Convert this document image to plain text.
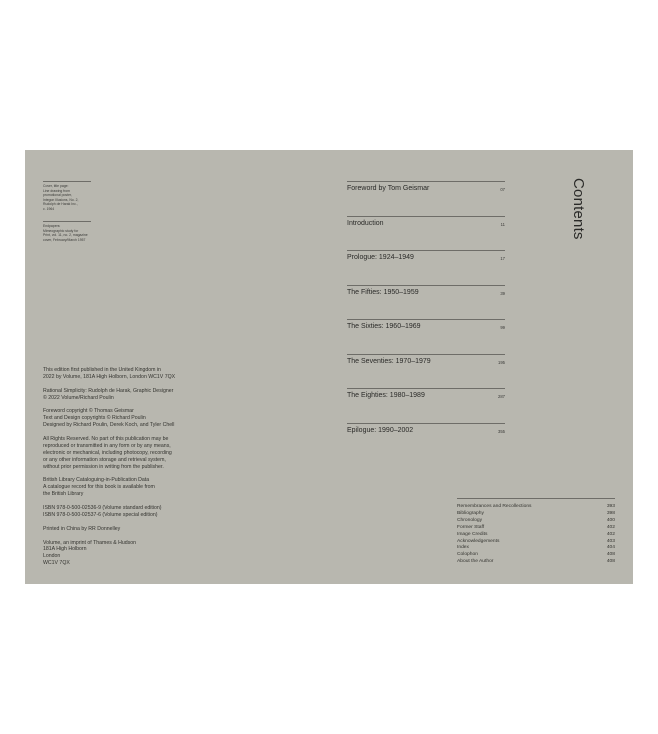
Cover, title page:
Line drawing from
promotional poster,
Integon Illusions, No. 2,
Rudolph de Harak Inc.,
c. 1964
Endpapers:
Mimeographic study for
Print, vol. 11, no. 2, magazine
cover, February/March 1957
This edition first published in the United Kingdom in
2022 by Volume, 181A High Holborn, London WC1V 7QX
Rational Simplicity: Rudolph de Harak, Graphic Designer
© 2022 Volume/Richard Poulin
Foreword copyright © Thomas Geismar
Text and Design copyrights © Richard Poulin
Designed by Richard Poulin, Derek Koch, and Tyler Chell
All Rights Reserved. No part of this publication may be
reproduced or transmitted in any form or by any means,
electronic or mechanical, including photocopy, recording
or any other information storage and retrieval system,
without prior permission in writing from the publisher.
British Library Cataloguing-in-Publication Data
A catalogue record for this book is available from
the British Library
ISBN 978-0-500-02536-9 (Volume standard edition)
ISBN 978-0-500-02537-6 (Volume special edition)
Printed in China by RR Donnelley
Volume, an imprint of Thames & Hudson
181A High Holborn
London
WC1V 7QX
Foreword by Tom Geismar	07
Introduction	11
Prologue: 1924–1949	17
The Fifties: 1950–1959	39
The Sixties: 1960–1969	99
The Seventies: 1970–1979	195
The Eighties: 1980–1989	287
Epilogue: 1990–2002	355
Contents
Remembrances and Recollections	393
Bibliography	398
Chronology	400
Former Staff	402
Image Credits	402
Acknowledgements	403
Index	404
Colophon	408
About the Author	408
